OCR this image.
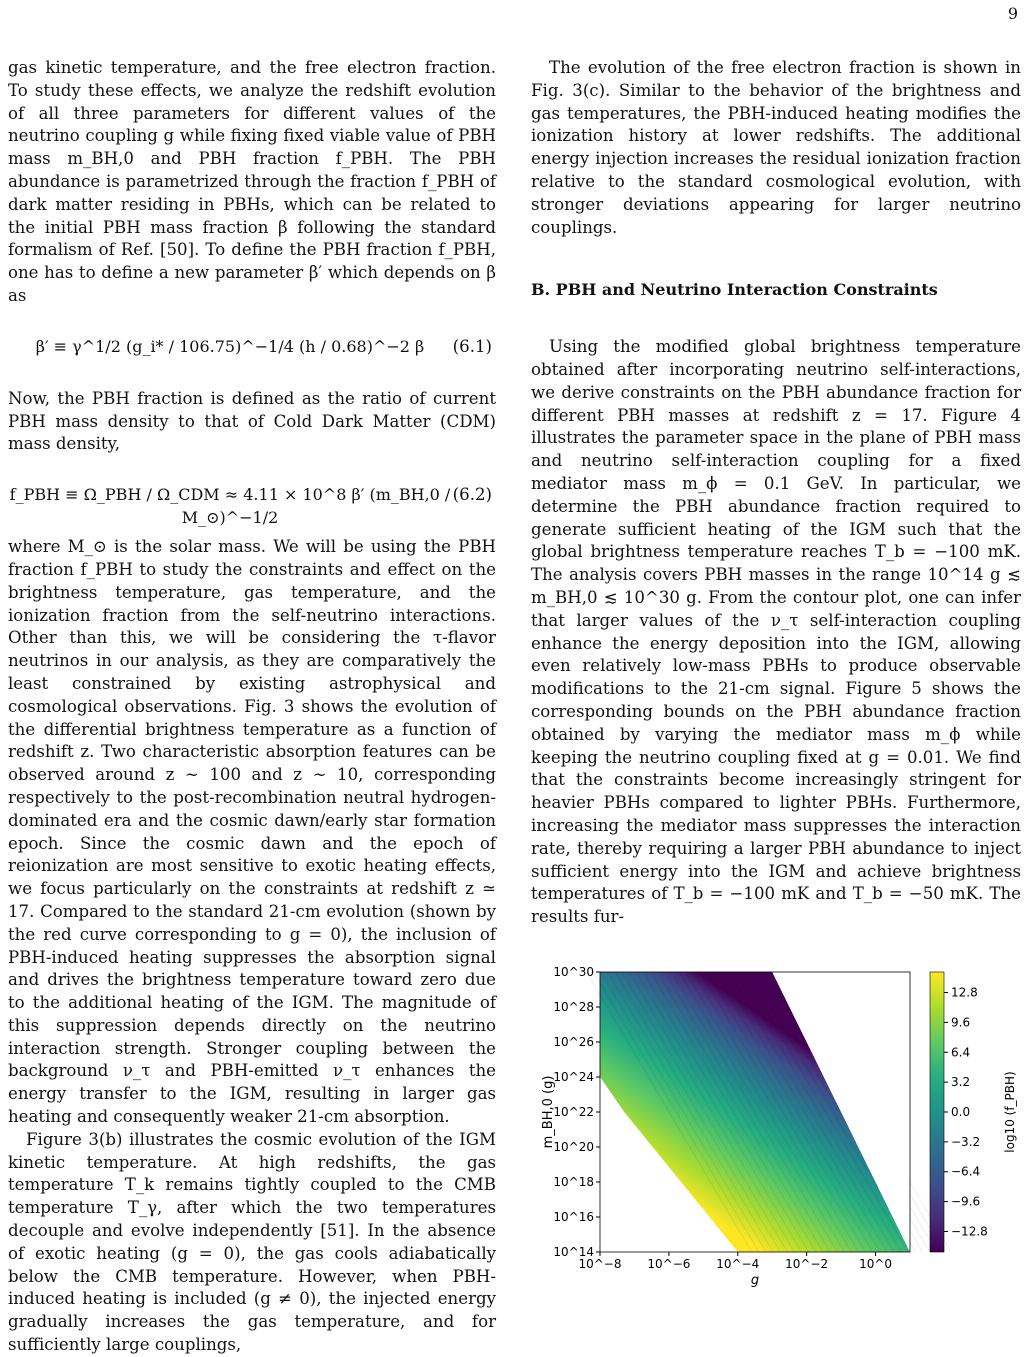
9

gas kinetic temperature, and the free electron fraction. To study these effects, we analyze the redshift evolution of all three parameters for different values of the neutrino coupling g while fixing fixed viable value of PBH mass m_BH,0 and PBH fraction f_PBH. The PBH abundance is parametrized through the fraction f_PBH of dark matter residing in PBHs, which can be related to the initial PBH mass fraction β following the standard formalism of Ref. [50]. To define the PBH fraction f_PBH, one has to define a new parameter β′ which depends on β as

β′ ≡ γ^1/2 (g_i* / 106.75)^−1/4 (h / 0.68)^−2 β	(6.1)

Now, the PBH fraction is defined as the ratio of current PBH mass density to that of Cold Dark Matter (CDM) mass density,

f_PBH ≡ Ω_PBH / Ω_CDM ≈ 4.11 × 10^8 β′ (m_BH,0 / M_⊙)^−1/2
(6.2)

where M_⊙ is the solar mass. We will be using the PBH fraction f_PBH to study the constraints and effect on the brightness temperature, gas temperature, and the ionization fraction from the self-neutrino interactions. Other than this, we will be considering the τ-flavor neutrinos in our analysis, as they are comparatively the least constrained by existing astrophysical and cosmological observations. Fig. 3 shows the evolution of the differential brightness temperature as a function of redshift z. Two characteristic absorption features can be observed around z ∼ 100 and z ∼ 10, corresponding respectively to the post-recombination neutral hydrogen-dominated era and the cosmic dawn/early star formation epoch. Since the cosmic dawn and the epoch of reionization are most sensitive to exotic heating effects, we focus particularly on the constraints at redshift z ≃ 17. Compared to the standard 21-cm evolution (shown by the red curve corresponding to g = 0), the inclusion of PBH-induced heating suppresses the absorption signal and drives the brightness temperature toward zero due to the additional heating of the IGM. The magnitude of this suppression depends directly on the neutrino interaction strength. Stronger coupling between the background ν_τ and PBH-emitted ν_τ enhances the energy transfer to the IGM, resulting in larger gas heating and consequently weaker 21-cm absorption.

Figure 3(b) illustrates the cosmic evolution of the IGM kinetic temperature. At high redshifts, the gas temperature T_k remains tightly coupled to the CMB temperature T_γ, after which the two temperatures decouple and evolve independently [51]. In the absence of exotic heating (g = 0), the gas cools adiabatically below the CMB temperature. However, when PBH-induced heating is included (g ≠ 0), the injected energy gradually increases the gas temperature, and for sufficiently large couplings,

The evolution of the free electron fraction is shown in Fig. 3(c). Similar to the behavior of the brightness and gas temperatures, the PBH-induced heating modifies the ionization history at lower redshifts. The additional energy injection increases the residual ionization fraction relative to the standard cosmological evolution, with stronger deviations appearing for larger neutrino couplings.

B. PBH and Neutrino Interaction Constraints

Using the modified global brightness temperature obtained after incorporating neutrino self-interactions, we derive constraints on the PBH abundance fraction for different PBH masses at redshift z = 17. Figure 4 illustrates the parameter space in the plane of PBH mass and neutrino self-interaction coupling for a fixed mediator mass m_ϕ = 0.1 GeV. In particular, we determine the PBH abundance fraction required to generate sufficient heating of the IGM such that the global brightness temperature reaches T_b = −100 mK. The analysis covers PBH masses in the range 10^14 g ≲ m_BH,0 ≲ 10^30 g. From the contour plot, one can infer that larger values of the ν_τ self-interaction coupling enhance the energy deposition into the IGM, allowing even relatively low-mass PBHs to produce observable modifications to the 21-cm signal. Figure 5 shows the corresponding bounds on the PBH abundance fraction obtained by varying the mediator mass m_ϕ while keeping the neutrino coupling fixed at g = 0.01. We find that the constraints become increasingly stringent for heavier PBHs compared to lighter PBHs. Furthermore, increasing the mediator mass suppresses the interaction rate, thereby requiring a larger PBH abundance to inject sufficient energy into the IGM and achieve brightness temperatures of T_b = −100 mK and T_b = −50 mK. The results fur-

10^−8 10^−6 10^−4 10^−2	10^0
10^14
10^16
10^18
10^20
10^22
10^24
10^26
10^28
10^30
g
m_BH,0 (g)
12.8
9.6
6.4
3.2
0.0
−3.2
−6.4
−9.6
−12.8
log10 (f_PBH)
